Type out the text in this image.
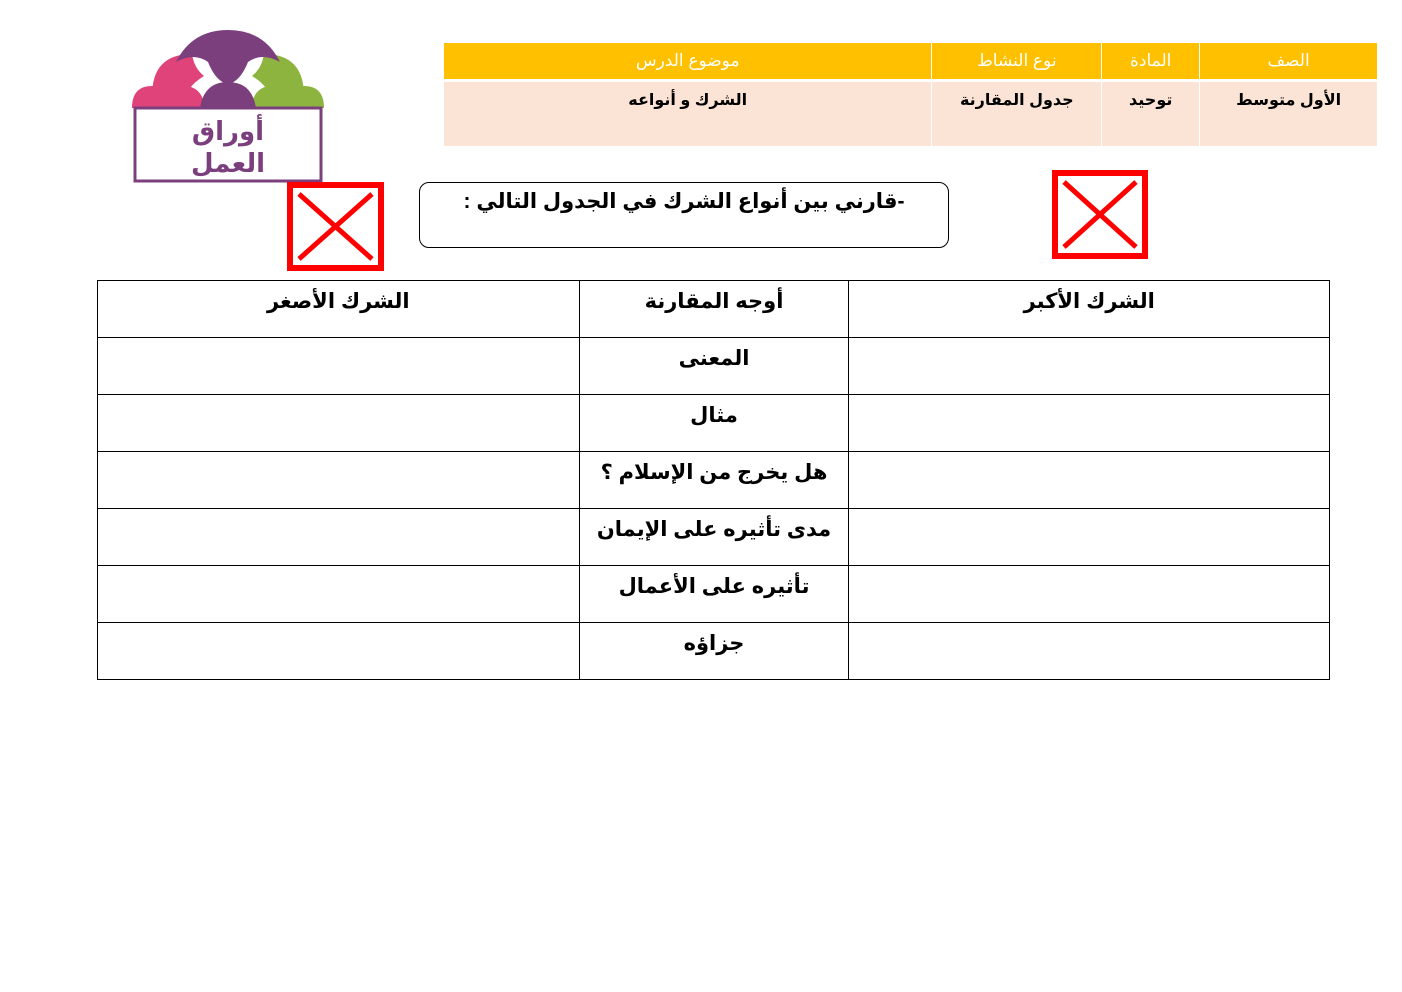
أوراق
العمل
الصف	المادة	نوع النشاط	موضوع الدرس
الأول متوسط	توحيد	جدول المقارنة	الشرك و أنواعه
-قارني بين أنواع الشرك في الجدول التالي :
الشرك الأكبر	أوجه المقارنة	الشرك الأصغر
	المعنى	
	مثال	
	هل يخرج من الإسلام ؟	
	مدى تأثيره على الإيمان	
	تأثيره على الأعمال	
	جزاؤه	
